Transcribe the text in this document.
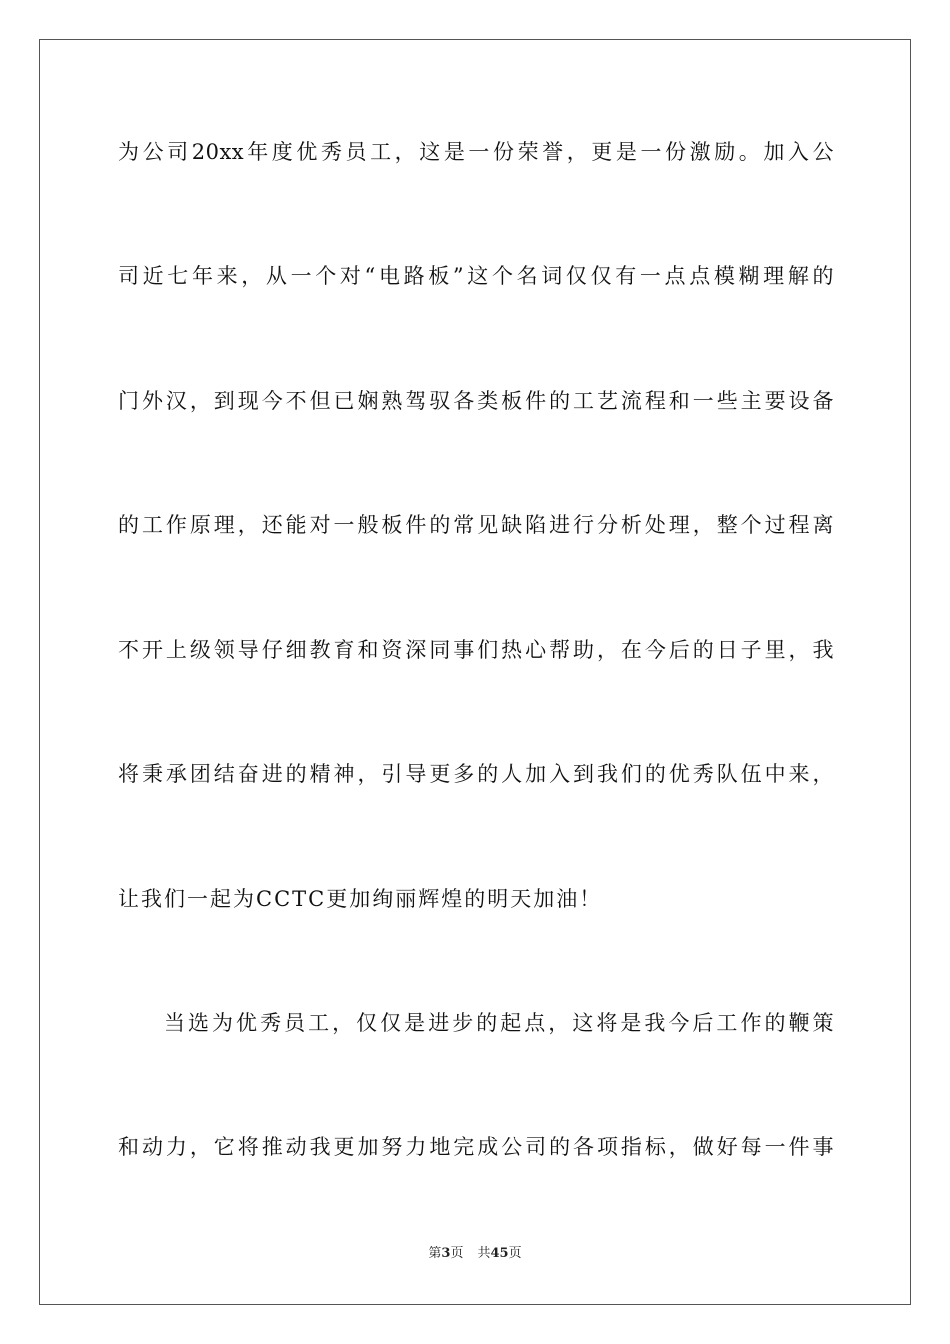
为公司20xx年度优秀员工，这是一份荣誉，更是一份激励。加入公
司近七年来，从一个对“电路板”这个名词仅仅有一点点模糊理解的
门外汉，到现今不但已娴熟驾驭各类板件的工艺流程和一些主要设备
的工作原理，还能对一般板件的常见缺陷进行分析处理，整个过程离
不开上级领导仔细教育和资深同事们热心帮助，在今后的日子里，我
将秉承团结奋进的精神，引导更多的人加入到我们的优秀队伍中来，
让我们一起为CCTC更加绚丽辉煌的明天加油！
当选为优秀员工，仅仅是进步的起点，这将是我今后工作的鞭策
和动力，它将推动我更加努力地完成公司的各项指标，做好每一件事
第3页 共45页
